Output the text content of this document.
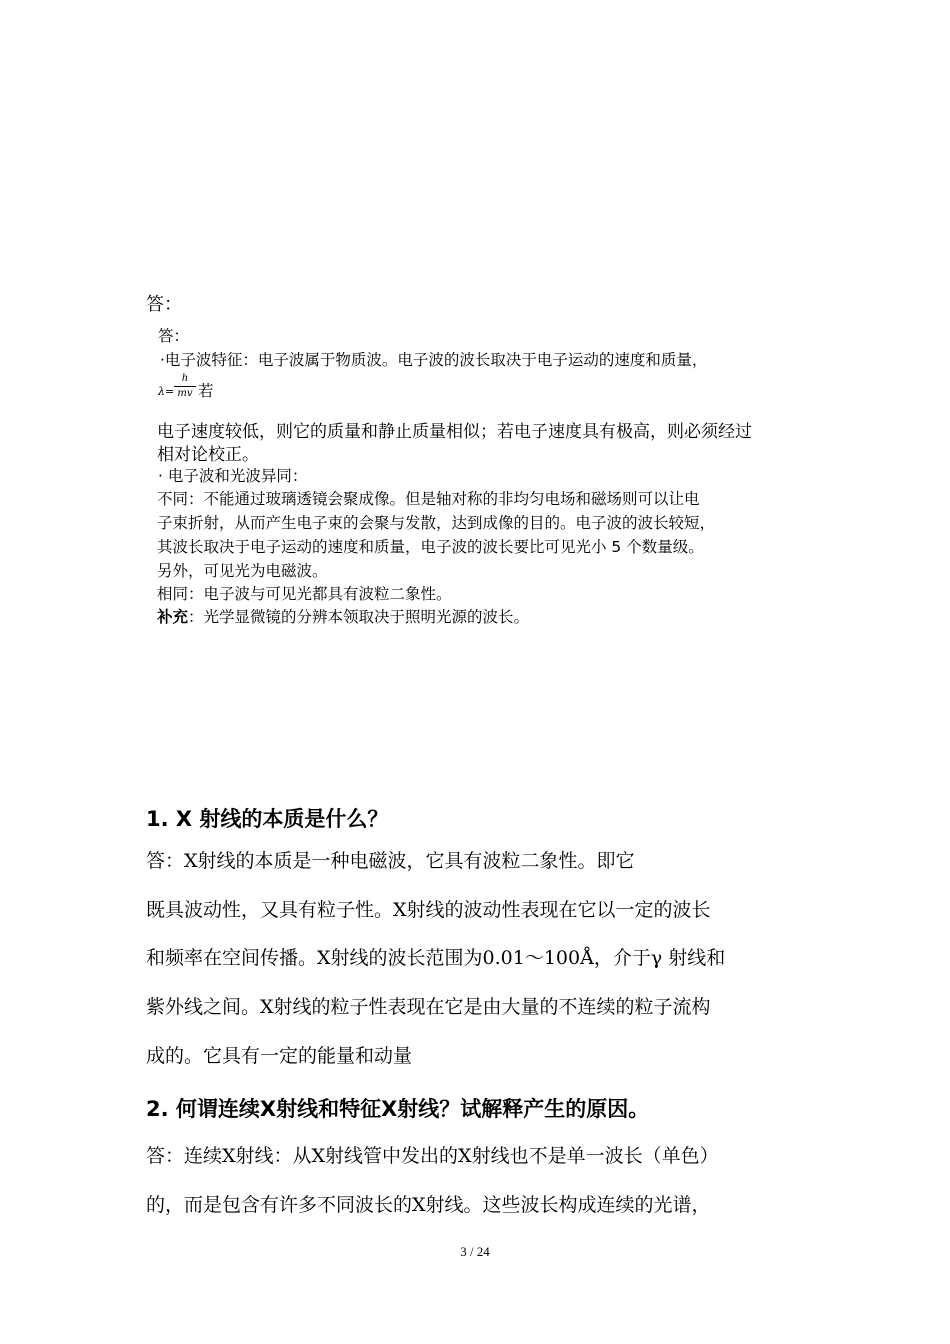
答：
答：
·电子波特征：电子波属于物质波。电子波的波长取决于电子运动的速度和质量，
λ=
h
mv 若
电子速度较低，则它的质量和静止质量相似；若电子速度具有极高，则必须经过
相对论校正。
· 电子波和光波异同：
不同：不能通过玻璃透镜会聚成像。但是轴对称的非均匀电场和磁场则可以让电
子束折射，从而产生电子束的会聚与发散，达到成像的目的。电子波的波长较短，
其波长取决于电子运动的速度和质量，电子波的波长要比可见光小 5 个数量级。
另外，可见光为电磁波。
相同：电子波与可见光都具有波粒二象性。
补充：光学显微镜的分辨本领取决于照明光源的波长。
1. X 射线的本质是什么？
答：X射线的本质是一种电磁波，它具有波粒二象性。即它
既具波动性，又具有粒子性。X射线的波动性表现在它以一定的波长
和频率在空间传播。X射线的波长范围为0.01～100Å，介于γ 射线和
紫外线之间。X射线的粒子性表现在它是由大量的不连续的粒子流构
成的。它具有一定的能量和动量
2. 何谓连续X射线和特征X射线？试解释产生的原因。
答：连续X射线：从X射线管中发出的X射线也不是单一波长（单色）
的，而是包含有许多不同波长的X射线。这些波长构成连续的光谱，
3 / 24
